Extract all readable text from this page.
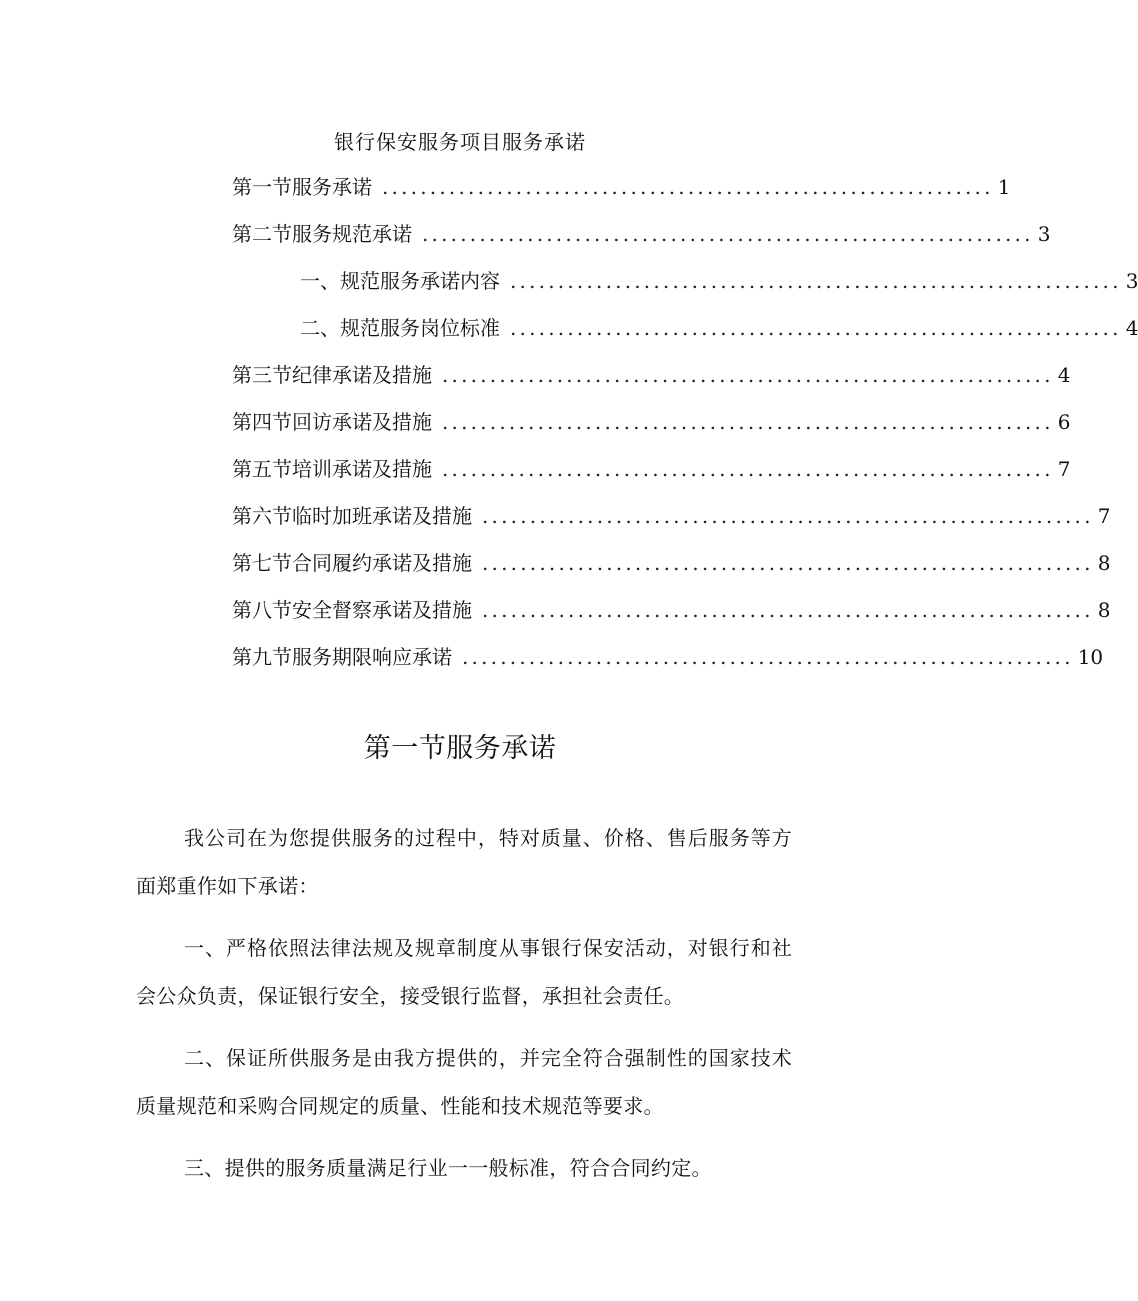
银行保安服务项目服务承诺
第一节服务承诺 ................................................................ 1
第二节服务规范承诺 ................................................................ 3
一、规范服务承诺内容 ................................................................ 3
二、规范服务岗位标准 ................................................................ 4
第三节纪律承诺及措施 ................................................................ 4
第四节回访承诺及措施 ................................................................ 6
第五节培训承诺及措施 ................................................................ 7
第六节临时加班承诺及措施 ................................................................ 7
第七节合同履约承诺及措施 ................................................................ 8
第八节安全督察承诺及措施 ................................................................ 8
第九节服务期限响应承诺 ................................................................ 10
第一节服务承诺

我公司在为您提供服务的过程中，特对质量、价格、售后服务等方面郑重作如下承诺：

一、严格依照法律法规及规章制度从事银行保安活动，对银行和社会公众负责，保证银行安全，接受银行监督，承担社会责任。

二、保证所供服务是由我方提供的，并完全符合强制性的国家技术质量规范和采购合同规定的质量、性能和技术规范等要求。

三、提供的服务质量满足行业一一般标准，符合合同约定。
